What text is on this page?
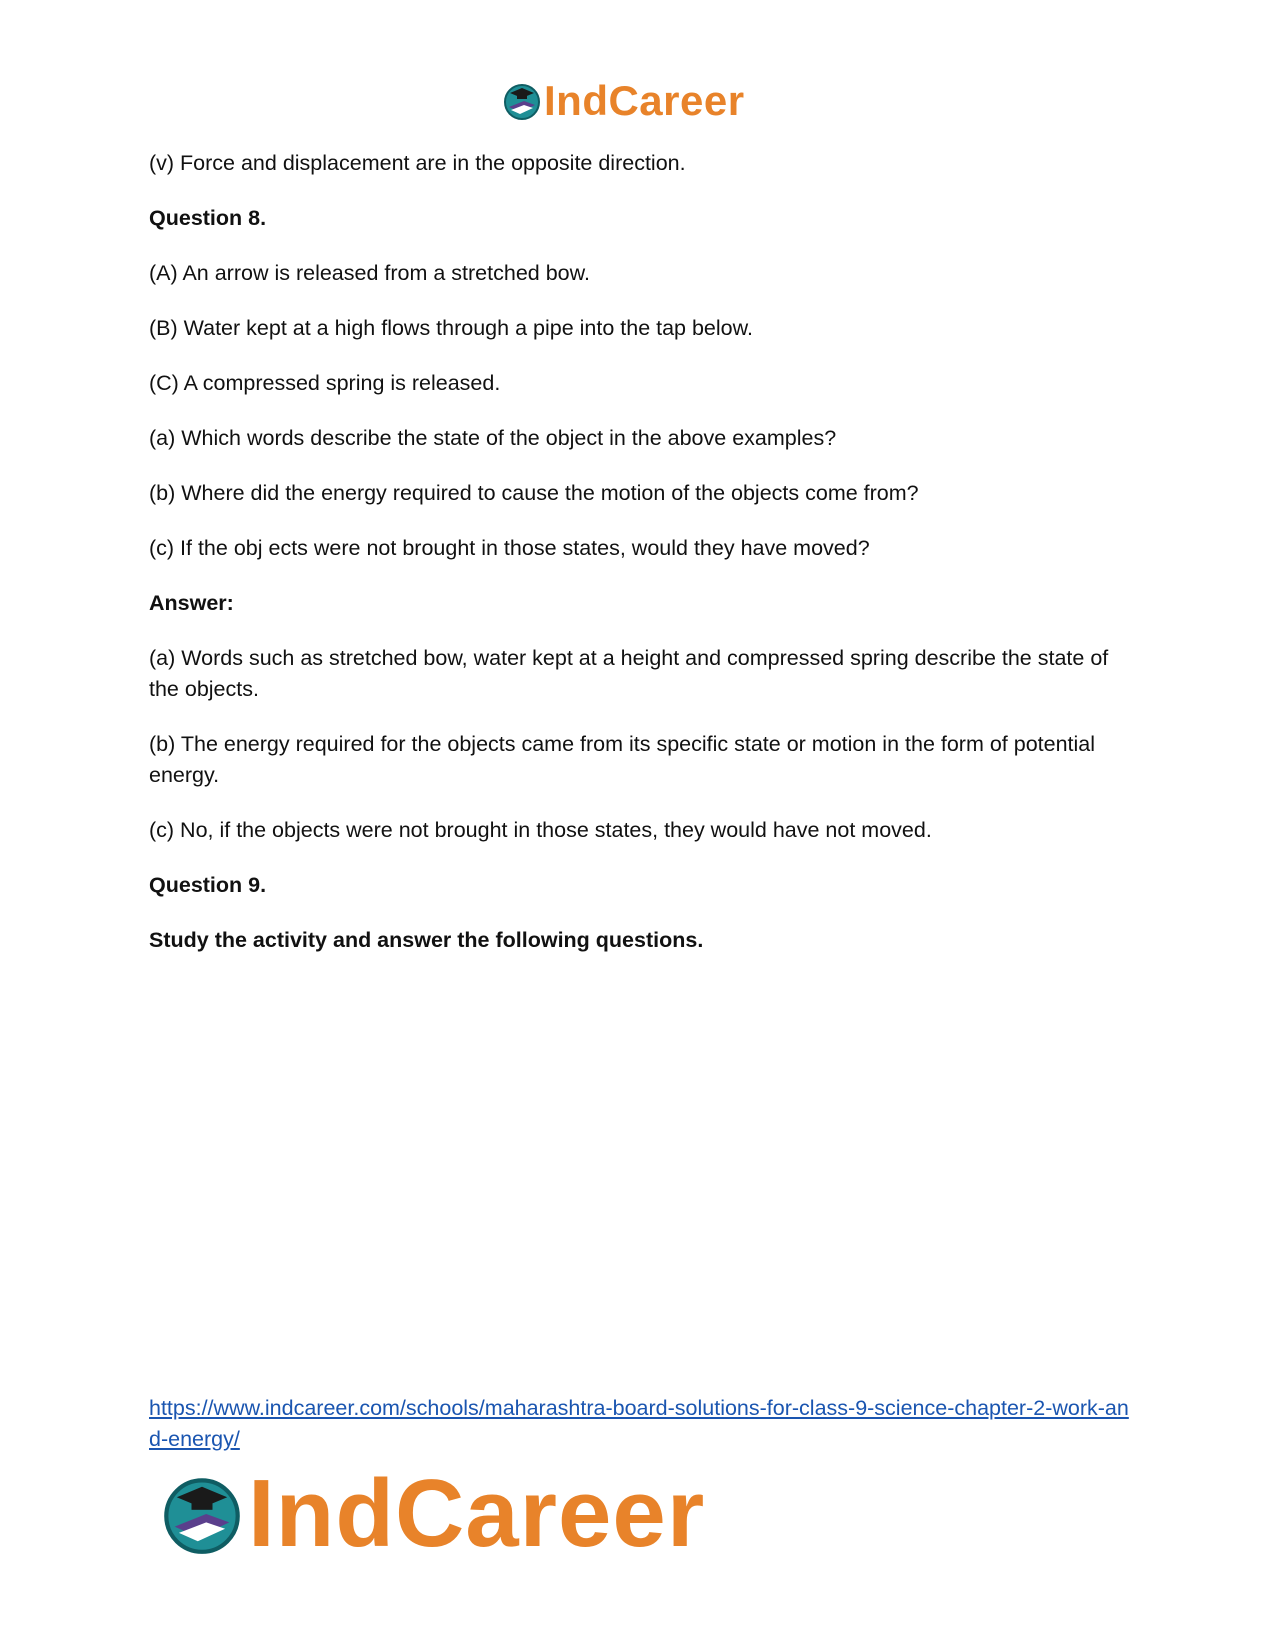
IndCareer

(v) Force and displacement are in the opposite direction.

Question 8.

(A) An arrow is released from a stretched bow.

(B) Water kept at a high flows through a pipe into the tap below.

(C) A compressed spring is released.

(a) Which words describe the state of the object in the above examples?

(b) Where did the energy required to cause the motion of the objects come from?

(c) If the obj ects were not brought in those states, would they have moved?

Answer:

(a) Words such as stretched bow, water kept at a height and compressed spring describe the state of the objects.

(b) The energy required for the objects came from its specific state or motion in the form of potential energy.

(c) No, if the objects were not brought in those states, they would have not moved.

Question 9.

Study the activity and answer the following questions.

https://www.indcareer.com/schools/maharashtra-board-solutions-for-class-9-science-chapter-2-work-and-energy/
IndCareer
